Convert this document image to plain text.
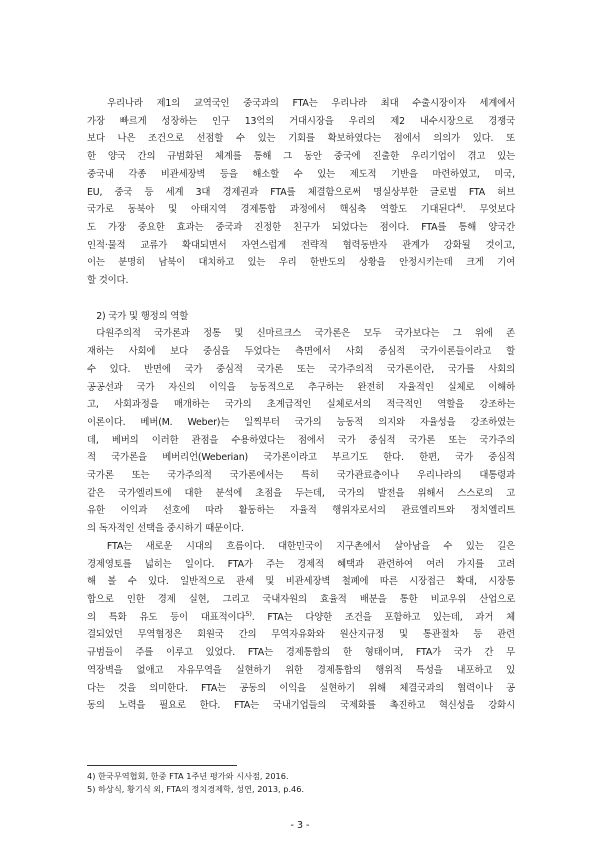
　우리나라 제1의 교역국인 중국과의 FTA는 우리나라 최대 수출시장이자 세계에서
가장 빠르게 성장하는 인구 13억의 거대시장을 우리의 제2 내수시장으로 경쟁국
보다 나은 조건으로 선점할 수 있는 기회를 확보하였다는 점에서 의의가 있다. 또
한 양국 간의 규범화된 체계를 통해 그 동안 중국에 진출한 우리기업이 겪고 있는
중국내 각종 비관세장벽 등을 해소할 수 있는 제도적 기반을 마련하였고, 미국,
EU, 중국 등 세계 3대 경제권과 FTA를 체결함으로써 명실상부한 글로벌 FTA 허브
국가로 동북아 및 아태지역 경제통합 과정에서 핵심축 역할도 기대된다$^{4)}$. 무엇보다
도 가장 중요한 효과는 중국과 진정한 친구가 되었다는 점이다. FTA를 통해 양국간
인적·물적 교류가 확대되면서 자연스럽게 전략적 협력동반자 관계가 강화될 것이고,
이는 분명히 남북이 대치하고 있는 우리 한반도의 상황을 안정시키는데 크게 기여
할 것이다.
 2) 국가 및 행정의 역할
 다원주의적 국가론과 정통 및 신마르크스 국가론은 모두 국가보다는 그 위에 존
재하는 사회에 보다 중심을 두었다는 측면에서 사회 중심적 국가이론들이라고 할
수 있다. 반면에 국가 중심적 국가론 또는 국가주의적 국가론이란, 국가를 사회의
공공선과 국가 자신의 이익을 능동적으로 추구하는 완전히 자율적인 실체로 이해하
고, 사회과정을 매개하는 국가의 초계급적인 실체로서의 적극적인 역할을 강조하는
이론이다. 베버(M. Weber)는 일찍부터 국가의 능동적 의지와 자율성을 강조하였는
데, 베버의 이러한 관점을 수용하였다는 점에서 국가 중심적 국가론 또는 국가주의
적 국가론을 베버리언(Weberian) 국가론이라고 부르기도 한다. 한편, 국가 중심적
국가론 또는 국가주의적 국가론에서는 특히 국가관료층이나 우리나라의 대통령과
같은 국가엘리트에 대한 분석에 초점을 두는데, 국가의 발전을 위해서 스스로의 고
유한 이익과 선호에 따라 활동하는 자율적 행위자로서의 관료엘리트와 정치엘리트
의 독자적인 선택을 중시하기 때문이다.
　FTA는 새로운 시대의 흐름이다. 대한민국이 지구촌에서 살아남을 수 있는 길은
경제영토를 넓히는 일이다. FTA가 주는 경제적 혜택과 관련하여 여러 가지를 고려
해 볼 수 있다. 일반적으로 관세 및 비관세장벽 철폐에 따른 시장접근 확대, 시장통
합으로 인한 경제 실현, 그리고 국내자원의 효율적 배분을 통한 비교우위 산업으로
의 특화 유도 등이 대표적이다$^{5)}$. FTA는 다양한 조건을 포함하고 있는데, 과거 체
결되었던 무역협정은 회원국 간의 무역자유화와 원산지규정 및 통관절차 등 관련
규범들이 주를 이루고 있었다. FTA는 경제통합의 한 형태이며, FTA가 국가 간 무
역장벽을 없애고 자유무역을 실현하기 위한 경제통합의 행위적 특성을 내포하고 있
다는 것을 의미한다. FTA는 공동의 이익을 실현하기 위해 체결국과의 협력이나 공
동의 노력을 필요로 한다. FTA는 국내기업들의 국제화를 촉진하고 혁신성을 강화시
4) 한국무역협회, 한중 FTA 1주년 평가와 시사점, 2016.
5) 하상식, 황기식 외, FTA의 정치경제학, 성연, 2013, p.46.
- 3 -
